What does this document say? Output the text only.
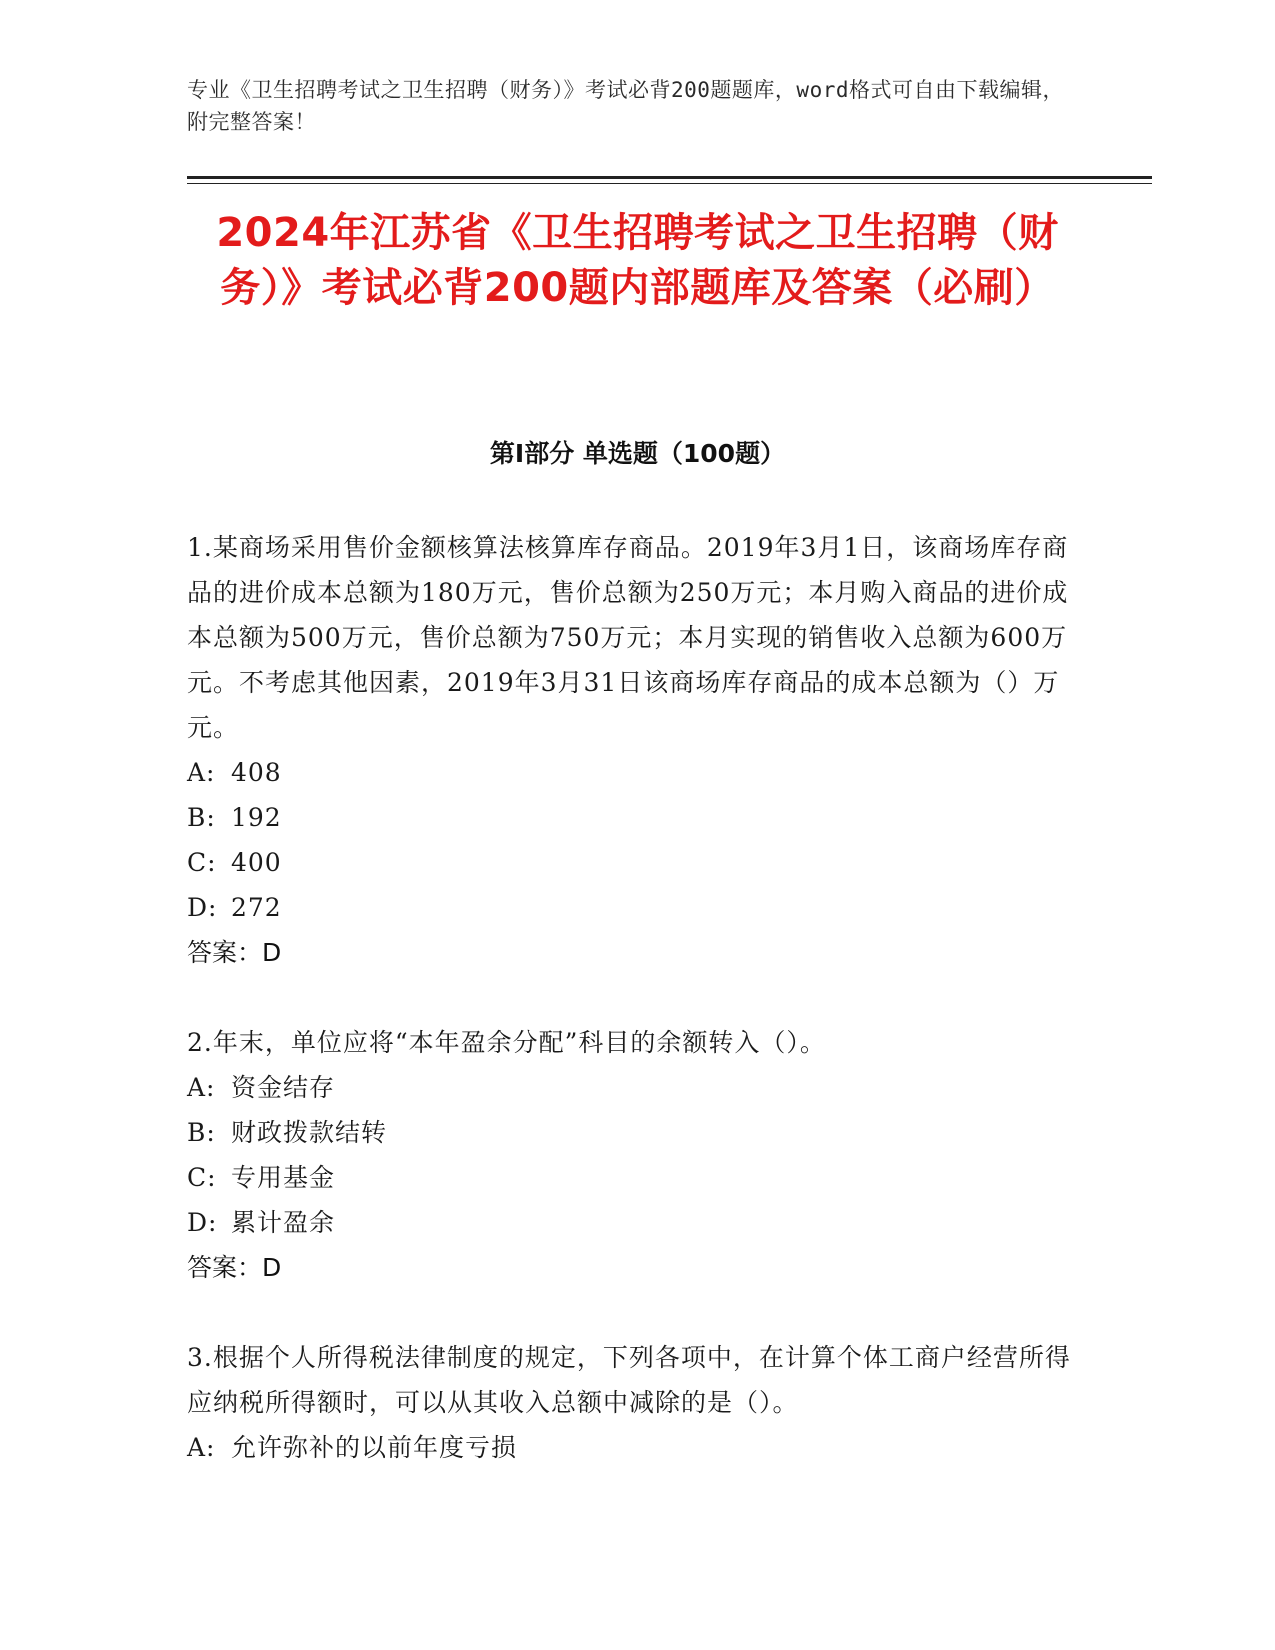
专业《卫生招聘考试之卫生招聘（财务）》考试必背200题题库，word格式可自由下载编辑，附完整答案！
2024年江苏省《卫生招聘考试之卫生招聘（财务）》考试必背200题内部题库及答案（必刷）
第Ⅰ部分 单选题（100题）

1.某商场采用售价金额核算法核算库存商品。2019年3月1日，该商场库存商品的进价成本总额为180万元，售价总额为250万元；本月购入商品的进价成本总额为500万元，售价总额为750万元；本月实现的销售收入总额为600万元。不考虑其他因素，2019年3月31日该商场库存商品的成本总额为（）万元。

A: 408

B: 192

C: 400

D: 272

答案：D

2.年末，单位应将“本年盈余分配”科目的余额转入（）。

A: 资金结存

B: 财政拨款结转

C: 专用基金

D: 累计盈余

答案：D

3.根据个人所得税法律制度的规定，下列各项中，在计算个体工商户经营所得应纳税所得额时，可以从其收入总额中减除的是（）。

A: 允许弥补的以前年度亏损
